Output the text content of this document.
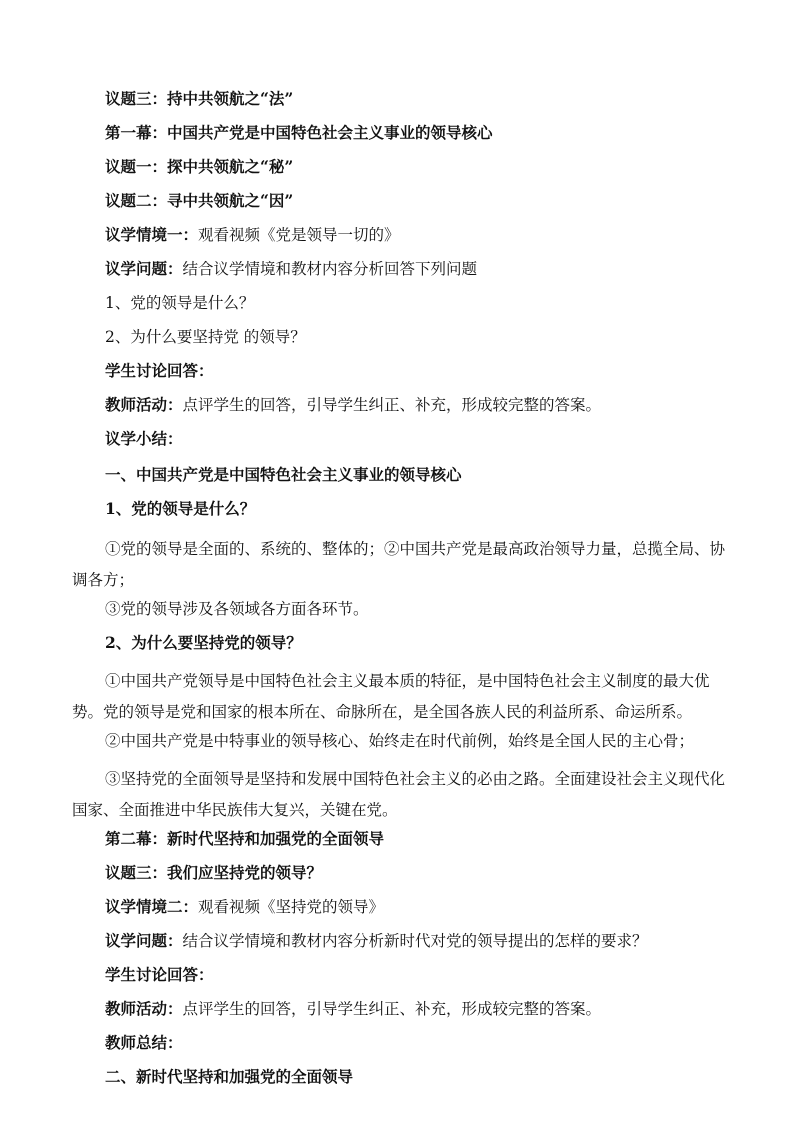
议题三：持中共领航之“法”
第一幕：中国共产党是中国特色社会主义事业的领导核心
议题一：探中共领航之“秘”
议题二：寻中共领航之“因”
议学情境一：观看视频《党是领导一切的》
议学问题：结合议学情境和教材内容分析回答下列问题
1、党的领导是什么？
2、为什么要坚持党 的领导？
学生讨论回答：
教师活动：点评学生的回答，引导学生纠正、补充，形成较完整的答案。
议学小结：
一、中国共产党是中国特色社会主义事业的领导核心
1、党的领导是什么？
①党的领导是全面的、系统的、整体的；②中国共产党是最高政治领导力量，总揽全局、协调各方；
③党的领导涉及各领域各方面各环节。
2、为什么要坚持党的领导？
①中国共产党领导是中国特色社会主义最本质的特征，是中国特色社会主义制度的最大优势。党的领导是党和国家的根本所在、命脉所在，是全国各族人民的利益所系、命运所系。
②中国共产党是中特事业的领导核心、始终走在时代前例，始终是全国人民的主心骨；
③坚持党的全面领导是坚持和发展中国特色社会主义的必由之路。全面建设社会主义现代化国家、全面推进中华民族伟大复兴，关键在党。
第二幕：新时代坚持和加强党的全面领导
议题三：我们应坚持党的领导？
议学情境二：观看视频《坚持党的领导》
议学问题：结合议学情境和教材内容分析新时代对党的领导提出的怎样的要求？
学生讨论回答：
教师活动：点评学生的回答，引导学生纠正、补充，形成较完整的答案。
教师总结：
二、新时代坚持和加强党的全面领导
